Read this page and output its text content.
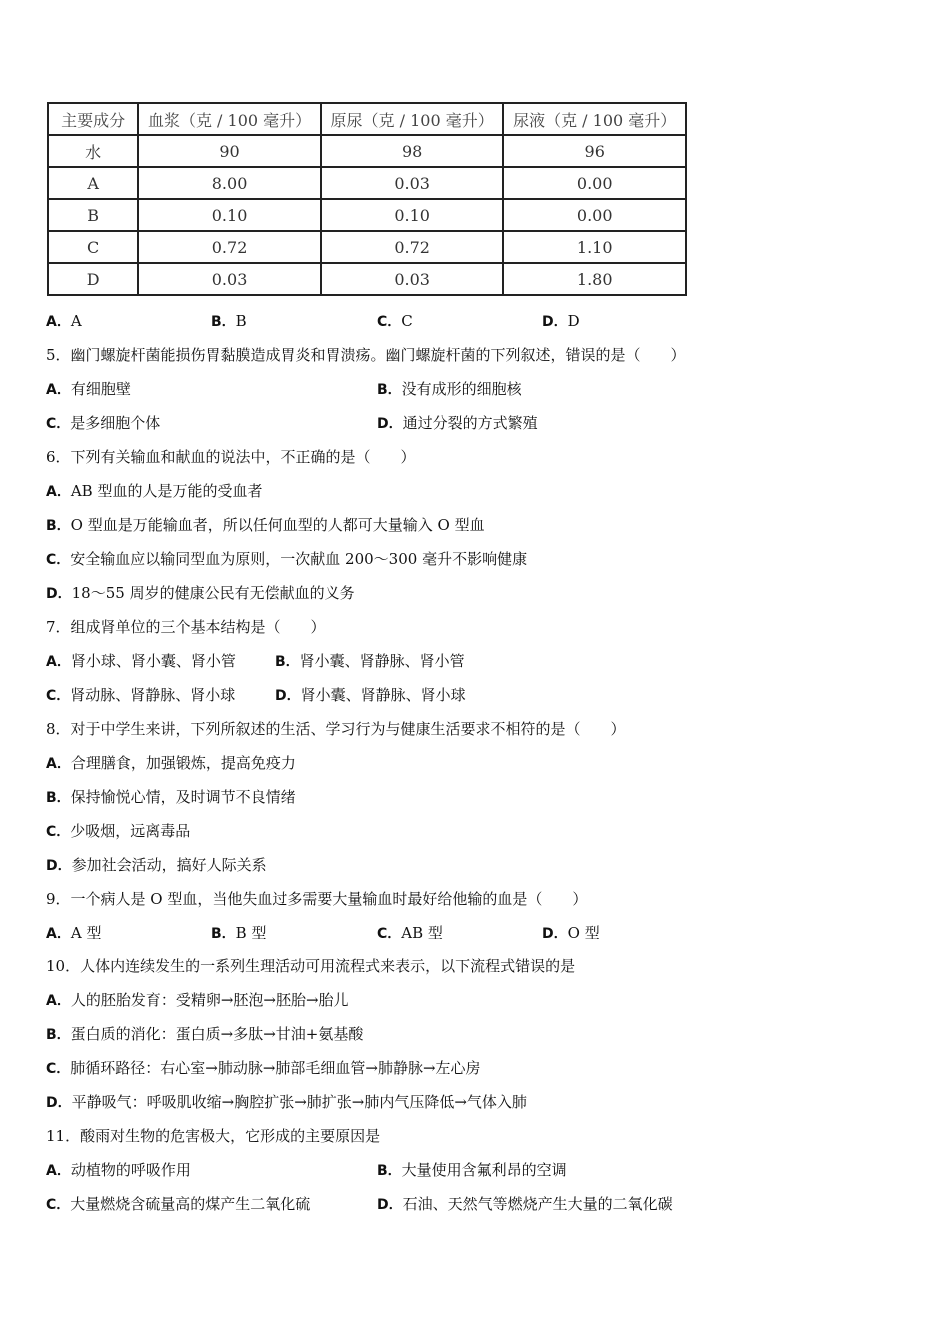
主要成分	血浆（克 / 100 毫升）	原尿（克 / 100 毫升）	尿液（克 / 100 毫升）
水	90	98	96
A	8.00	0.03	0.00
B	0.10	0.10	0.00
C	0.72	0.72	1.10
D	0.03	0.03	1.80
A．A	B．B	C．C	D．D
5．幽门螺旋杆菌能损伤胃黏膜造成胃炎和胃溃疡。幽门螺旋杆菌的下列叙述，错误的是（　　）
A．有细胞壁	B．没有成形的细胞核
C．是多细胞个体	D．通过分裂的方式繁殖
6．下列有关输血和献血的说法中，不正确的是（　　）
A．AB 型血的人是万能的受血者
B．O 型血是万能输血者，所以任何血型的人都可大量输入 O 型血
C．安全输血应以输同型血为原则，一次献血 200～300 毫升不影响健康
D．18～55 周岁的健康公民有无偿献血的义务
7．组成肾单位的三个基本结构是（　　）
A．肾小球、肾小囊、肾小管	B．肾小囊、肾静脉、肾小管
C．肾动脉、肾静脉、肾小球	D．肾小囊、肾静脉、肾小球
8．对于中学生来讲，下列所叙述的生活、学习行为与健康生活要求不相符的是（　　）
A．合理膳食，加强锻炼，提高免疫力
B．保持愉悦心情，及时调节不良情绪
C．少吸烟，远离毒品
D．参加社会活动，搞好人际关系
9．一个病人是 O 型血，当他失血过多需要大量输血时最好给他输的血是（　　）
A．A 型	B．B 型	C．AB 型	D．O 型
10．人体内连续发生的一系列生理活动可用流程式来表示，以下流程式错误的是
A．人的胚胎发育：受精卵→胚泡→胚胎→胎儿
B．蛋白质的消化：蛋白质→多肽→甘油+氨基酸
C．肺循环路径：右心室→肺动脉→肺部毛细血管→肺静脉→左心房
D．平静吸气：呼吸肌收缩→胸腔扩张→肺扩张→肺内气压降低→气体入肺
11．酸雨对生物的危害极大，它形成的主要原因是
A．动植物的呼吸作用	B．大量使用含氟利昂的空调
C．大量燃烧含硫量高的煤产生二氧化硫	D．石油、天然气等燃烧产生大量的二氧化碳
